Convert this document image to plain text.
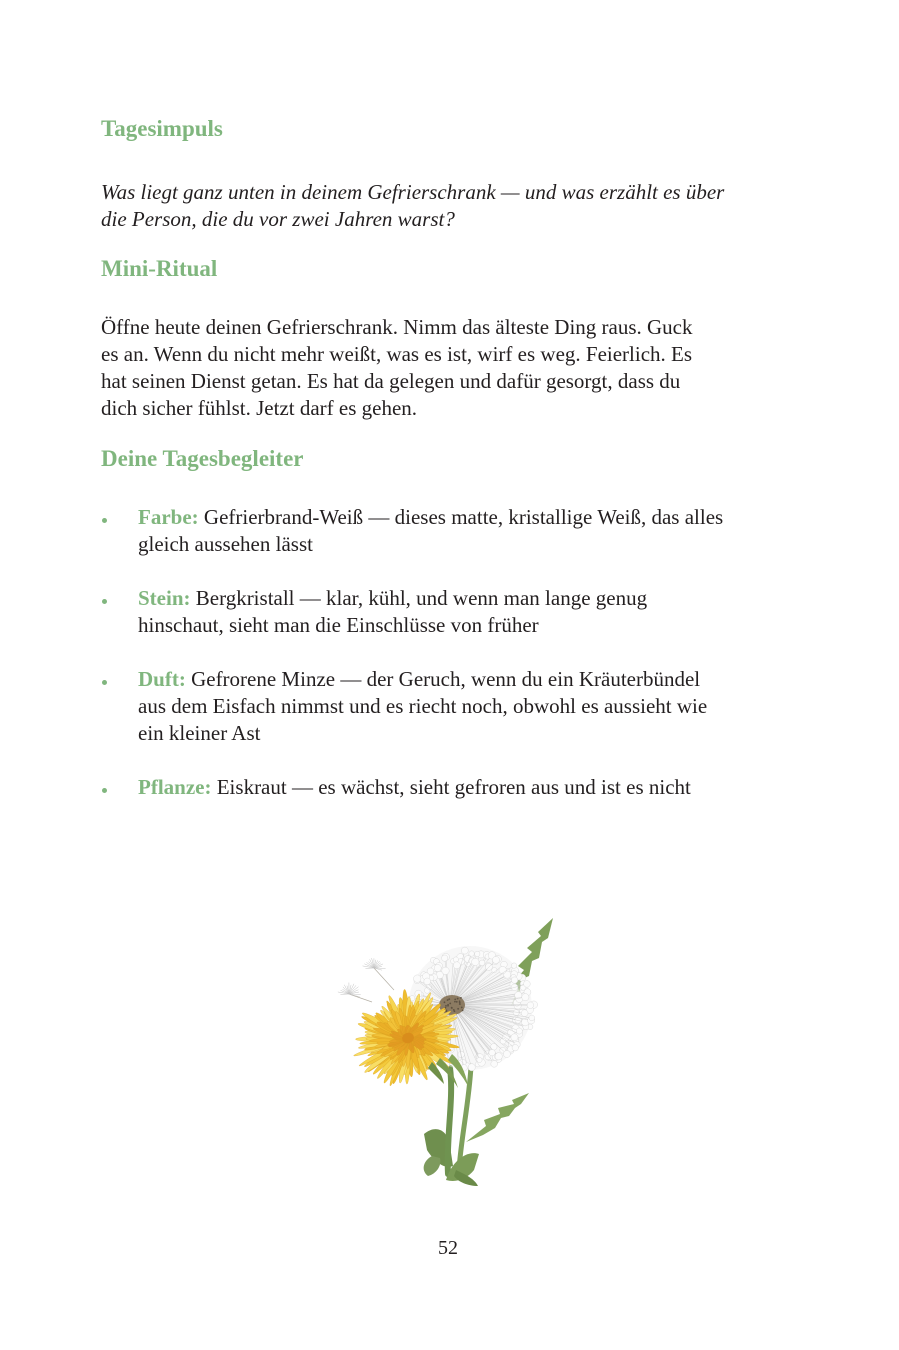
Tagesimpuls
Was liegt ganz unten in deinem Gefrierschrank — und was erzählt es über
die Person, die du vor zwei Jahren warst?
Mini-Ritual
Öffne heute deinen Gefrierschrank. Nimm das älteste Ding raus. Guck
es an. Wenn du nicht mehr weißt, was es ist, wirf es weg. Feierlich. Es
hat seinen Dienst getan. Es hat da gelegen und dafür gesorgt, dass du
dich sicher fühlst. Jetzt darf es gehen.
Deine Tagesbegleiter
Farbe: Gefrierbrand-Weiß — dieses matte, kristallige Weiß, das alles
gleich aussehen lässt
Stein: Bergkristall — klar, kühl, und wenn man lange genug
hinschaut, sieht man die Einschlüsse von früher
Duft: Gefrorene Minze — der Geruch, wenn du ein Kräuterbündel
aus dem Eisfach nimmst und es riecht noch, obwohl es aussieht wie
ein kleiner Ast
Pflanze: Eiskraut — es wächst, sieht gefroren aus und ist es nicht
52
